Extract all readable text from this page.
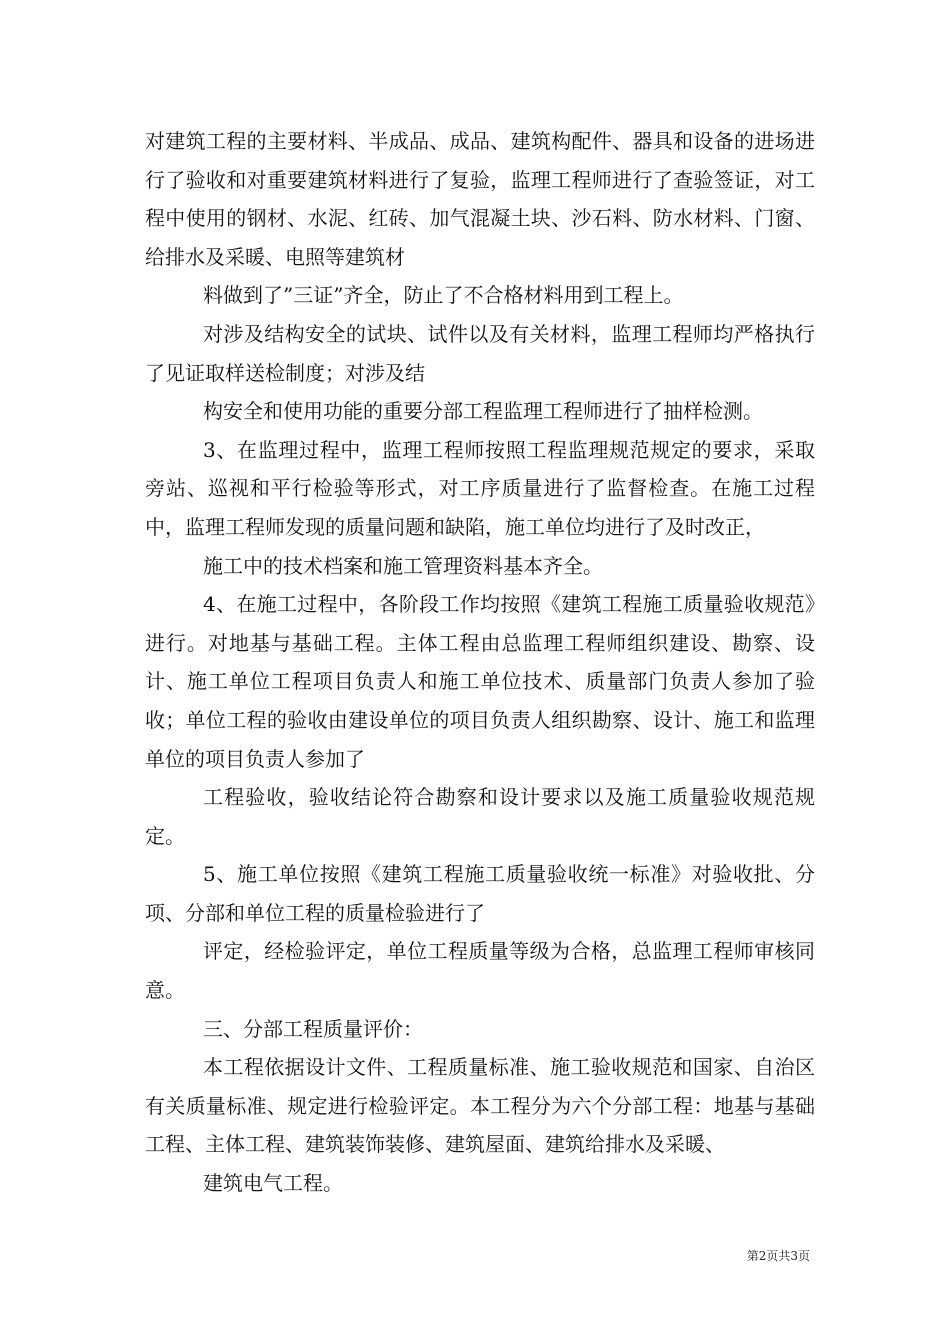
对建筑工程的主要材料、半成品、成品、建筑构配件、器具和设备的进场进行了验收和对重要建筑材料进行了复验，监理工程师进行了查验签证，对工程中使用的钢材、水泥、红砖、加气混凝土块、沙石料、防水材料、门窗、给排水及采暖、电照等建筑材

料做到了”三证”齐全，防止了不合格材料用到工程上。

对涉及结构安全的试块、试件以及有关材料，监理工程师均严格执行了见证取样送检制度；对涉及结

构安全和使用功能的重要分部工程监理工程师进行了抽样检测。

3、在监理过程中，监理工程师按照工程监理规范规定的要求，采取旁站、巡视和平行检验等形式，对工序质量进行了监督检查。在施工过程中，监理工程师发现的质量问题和缺陷，施工单位均进行了及时改正，

施工中的技术档案和施工管理资料基本齐全。

4、在施工过程中，各阶段工作均按照《建筑工程施工质量验收规范》进行。对地基与基础工程。主体工程由总监理工程师组织建设、勘察、设计、施工单位工程项目负责人和施工单位技术、质量部门负责人参加了验收；单位工程的验收由建设单位的项目负责人组织勘察、设计、施工和监理单位的项目负责人参加了

工程验收，验收结论符合勘察和设计要求以及施工质量验收规范规定。

5、施工单位按照《建筑工程施工质量验收统一标准》对验收批、分项、分部和单位工程的质量检验进行了

评定，经检验评定，单位工程质量等级为合格，总监理工程师审核同意。

三、分部工程质量评价：

本工程依据设计文件、工程质量标准、施工验收规范和国家、自治区有关质量标准、规定进行检验评定。本工程分为六个分部工程：地基与基础工程、主体工程、建筑装饰装修、建筑屋面、建筑给排水及采暖、

建筑电气工程。

第2页共3页
